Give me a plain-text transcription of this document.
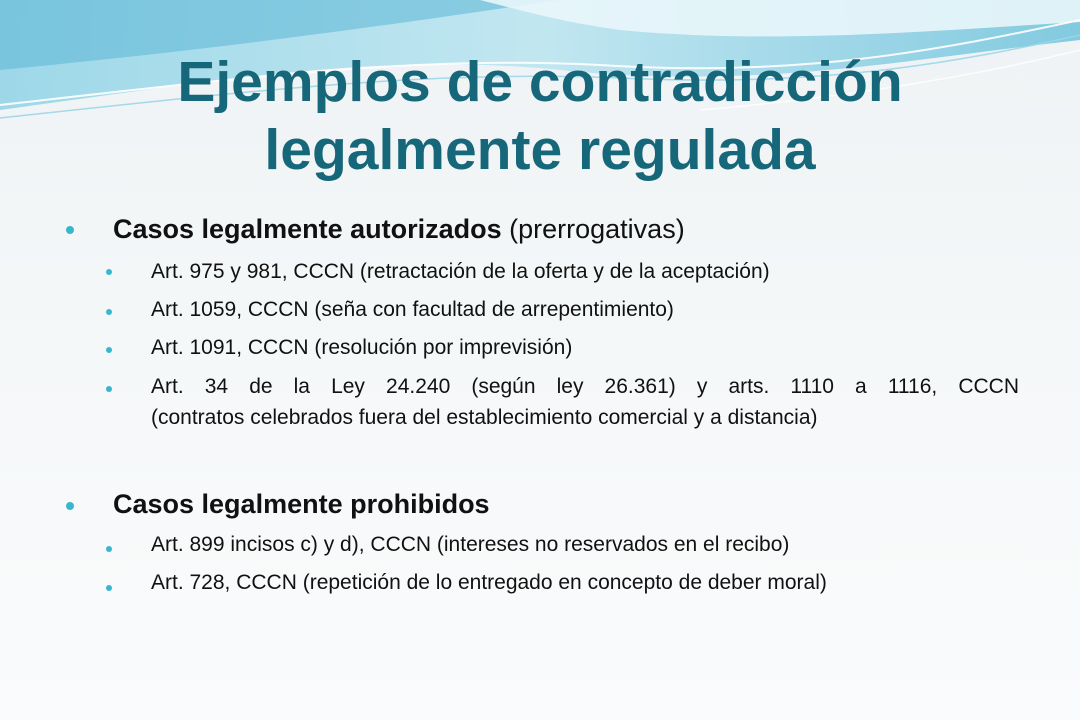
Ejemplos de contradicción
legalmente regulada
Casos legalmente autorizados (prerrogativas)
Art. 975 y 981, CCCN (retractación de la oferta y de la aceptación)
Art. 1059, CCCN (seña con facultad de arrepentimiento)
Art. 1091, CCCN (resolución por imprevisión)
Art. 34 de la Ley 24.240 (según ley 26.361) y arts. 1110 a 1116, CCCN
(contratos celebrados fuera del establecimiento comercial y a distancia)
Casos legalmente prohibidos
Art. 899 incisos c) y d), CCCN (intereses no reservados en el recibo)
Art. 728, CCCN (repetición de lo entregado en concepto de deber moral)
